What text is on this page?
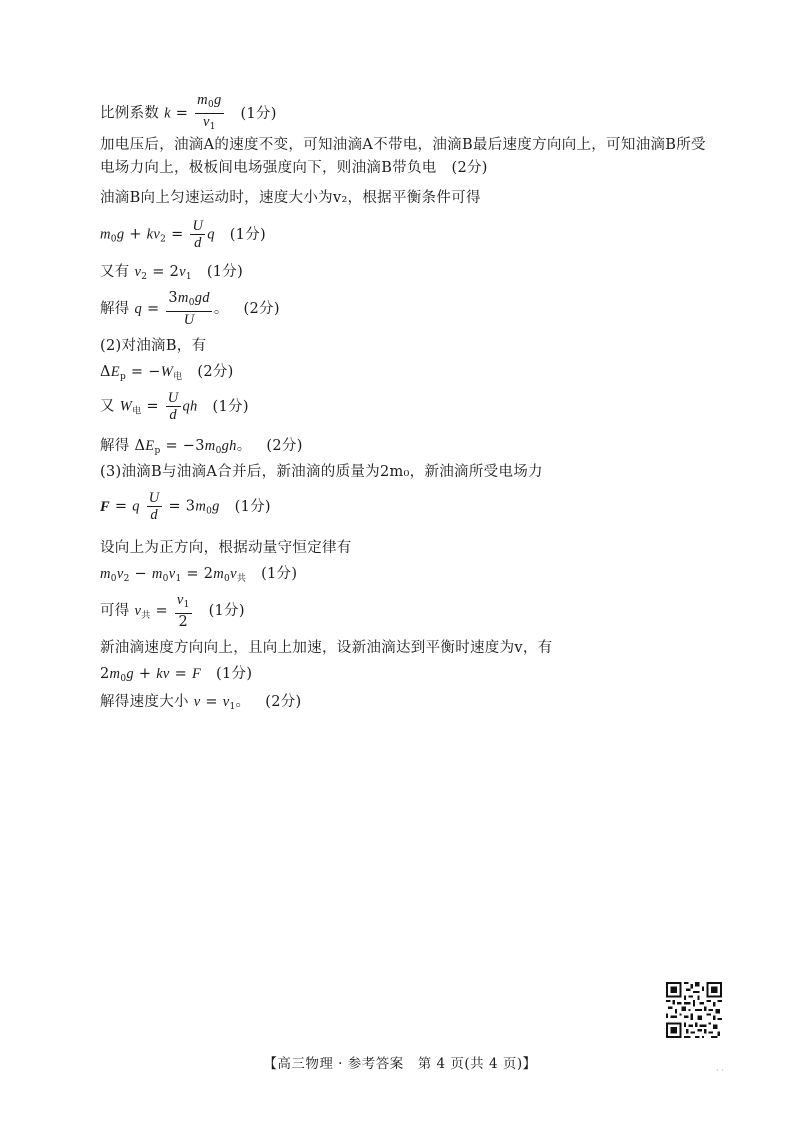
比例系数 $k = \frac{m_0g}{v_1} (1$分)
加电压后，油滴A的速度不变，可知油滴A不带电，油滴B最后速度方向向上，可知油滴B所受电场力向上，极板间电场强度向下，则油滴B带负电 (2分)
油滴B向上匀速运动时，速度大小为v₂，根据平衡条件可得
$m_0g + kv_2 = \frac{U}{d}$ q (1分)
又有 $v_2 = 2v_1$ (1分)
解得 $q = \frac{3m_0gd}{U}$ 。 (2分)
(2)对油滴B，有
$\Delta E_p = -W_电$ (2分)
又 $W_电 = \frac{U}{d}$ qh (1分)
解得 $\Delta E_p = -3m_0gh$。 (2分)
(3)油滴B与油滴A合并后，新油滴的质量为2m₀，新油滴所受电场力
F = q $\frac{U}{d} = 3m_0g$ (1分)
设向上为正方向，根据动量守恒定律有
$m_0v_2 - m_0v_1 = 2m_0v_共$ (1分)
可得 $v_共 = \frac{v_1}{2} (1$分)
新油滴速度方向向上，且向上加速，设新油滴达到平衡时速度为v，有
$2m_0g$ + kv = F (1分)
解得速度大小 $v = v_1$。 (2分)
· ·
【高三物理 · 参考答案　第 4 页(共 4 页)】
